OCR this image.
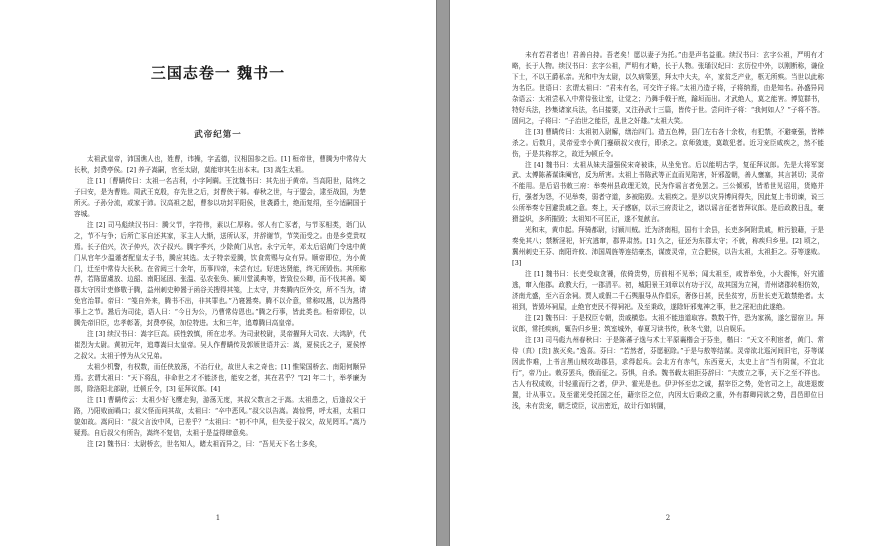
三国志卷一 魏书一
武帝纪第一

太祖武皇帝，沛国谯人也，姓曹，讳操，字孟德，汉相国参之后。[1] 桓帝世，曹腾为中常侍大长秋，封费亭侯。[2] 养子嵩嗣，官至太尉，莫能审其生出本末。[3] 嵩生太祖。

注 [1]〔曹瞒传曰：太祖一名吉利，小字阿瞒。王沈魏书曰：其先出于黄帝。当高阳世，陆终之子曰安，是为曹姓。周武王克殷，存先世之后，封曹侠于邾。春秋之世，与于盟会，逮至战国，为楚所灭。子孙分流，或家于沛。汉高祖之起，曹参以功封平阳侯，世袭爵土，绝而复绍，至今适嗣国于容城。

注 [2] 司马彪续汉书曰：腾父节，字符伟，素以仁厚称。邻人有亡豕者，与节豕相类，诣门认之，节不与争；后所亡豕自还其家，豕主人大惭，送所认豕，并辞谢节，节笑而受之。由是乡党贵叹焉。长子伯兴，次子仲兴，次子叔兴。腾字季兴，少除黄门从官。永宁元年，邓太后诏黄门令选中黄门从官年少温谨者配皇太子书，腾应其选。太子特亲爱腾，饮食赏赐与众有异。顺帝即位，为小黄门，迁至中常侍大长秋。在省闼三十余年，历事四帝，未尝有过。好进达贤能，终无所毁伤。其所称荐，若陈留虞放、边韶、南阳延固、张温、弘农张奂、颍川堂溪典等，皆致位公卿，而不伐其善。蜀郡太守因计吏修敬于腾，益州刺史种暠于函谷关搜得其笺，上太守，并奏腾内臣外交，所不当为，请免官治罪。帝曰：“笺自外来，腾书不出，非其罪也。”乃寝暠奏。腾不以介意，常称叹暠，以为暠得事上之节。暠后为司徒，语人曰：“今日为公，乃曹常侍恩也。”腾之行事，皆此类也。桓帝即位，以腾先帝旧臣，忠孝彰著，封费亭侯，加位特进。太和三年，追尊腾曰高皇帝。

注 [3] 续汉书曰：嵩字巨高。质性敦慎，所在忠孝。为司隶校尉，灵帝擢拜大司农、大鸿胪，代崔烈为太尉。黄初元年，追尊嵩曰太皇帝。吴人作曹瞒传及郭颁世语并云：嵩，夏侯氏之子，夏侯惇之叔父。太祖于惇为从父兄弟。

太祖少机警，有权数，而任侠放荡，不治行业，故世人未之奇也；[1] 惟梁国桥玄、南阳何颙异焉。玄谓太祖曰：“天下将乱，非命世之才不能济也，能安之者，其在君乎？”[2] 年二十，举孝廉为郎，除洛阳北部尉，迁顿丘令，[3] 征拜议郎。[4]

注 [1] 曹瞒传云：太祖少好飞鹰走狗，游荡无度，其叔父数言之于嵩。太祖患之，后逢叔父于路，乃阳败面喎口；叔父怪而问其故，太祖曰：“卒中恶风。”叔父以告嵩。嵩惊愕，呼太祖，太祖口貌如故。嵩问曰：“叔父言汝中风，已差乎？”太祖曰：“初不中风，但失爱于叔父，故见罔耳。”嵩乃疑焉。自后叔父有所告，嵩终不复信，太祖于是益得肆意矣。

注 [2] 魏书曰：太尉桥玄，世名知人，睹太祖而异之，曰：“吾见天下名士多矣，

1

未有若君者也！君善自持。吾老矣！愿以妻子为托。”由是声名益重。续汉书曰：玄字公祖，严明有才略，长于人物。续汉书曰：玄字公祖，严明有才略，长于人物。张璠汉纪曰：玄历位中外，以刚断称，谦俭下士，不以王爵私亲。光和中为太尉，以久病策罢，拜太中大夫，卒，家贫乏产业，柩无所殡。当世以此称为名臣。世语曰：玄谓太祖曰：“君未有名，可交许子将。”太祖乃造子将，子将纳焉，由是知名。孙盛异同杂语云：太祖尝私入中常侍张让室，让觉之；乃舞手戟于庭，踰垣而出。才武绝人，莫之能害。博览群书，特好兵法，抄集诸家兵法，名曰接要，又注孙武十三篇，皆传于世。尝问许子将：“我何如人？”子将不答。固问之，子将曰：“子治世之能臣，乱世之奸雄。”太祖大笑。

注 [3] 曹瞒传曰：太祖初入尉廨，缮治四门。造五色棒，县门左右各十余枚，有犯禁，不避豪强，皆棒杀之。后数月，灵帝爱幸小黄门蹇硕叔父夜行，即杀之。京师敛迹，莫敢犯者。近习宠臣咸疾之，然不能伤，于是共称荐之，故迁为顿丘令。

注 [4] 魏书曰：太祖从妹夫濦强侯宋奇被诛，从坐免官。后以能明古学，复征拜议郎。先是大将军窦武、太傅陈蕃谋诛阉官，反为所害。太祖上书陈武等正直而见陷害，奸邪盈朝，善人壅塞，其言甚切；灵帝不能用。是后诏书敕三府：举奏州县政理无效，民为作谣言者免罢之。三公倾邪，皆希世见诏用，货赂并行，强者为怨，不见举奏，弱者守道，多被陷毁。太祖疾之。是岁以灾异博问得失，因此复上书切谏，说三公所举奏专回避贵戚之意。奏上，天子感寤，以示三府责让之，诸以谣言征者皆拜议郎。是后政教日乱，豪猾益炽，多所摧毁；太祖知不可匡正，遂不复献言。

光和末，黄巾起。拜骑都尉，讨颍川贼。迁为济南相，国有十余县，长吏多阿附贵戚，赃污狼藉，于是奏免其八；禁断淫祀，奸宄逃窜，郡界肃然。[1] 久之，征还为东郡太守；不就，称疾归乡里。[2] 顷之，冀州刺史王芬、南阳许攸、沛国周旌等连结豪杰，谋废灵帝，立合肥侯，以告太祖，太祖拒之。芬等遂败。[3]

注 [1] 魏书曰：长吏受取贪饕，依倚贵势，历前相不见举；闻太祖至，咸皆举免，小大震怖，奸宄遁逃，窜入他郡。政教大行，一郡清平。初，城阳景王刘章以有功于汉，故其国为立祠，青州诸郡转相仿效，济南尤盛，至六百余祠。贾人或假二千石舆服导从作倡乐，奢侈日甚，民坐贫穷，历世长吏无敢禁绝者。太祖到，皆毁坏祠屋，止绝官吏民不得祠祀。及至秉政，遂除奸邪鬼神之事，世之淫祀由此遂绝。

注 [2] 魏书曰：于是权臣专朝，贵戚横恣。太祖不能违道取容。数数干忤，恐为家祸，遂乞留宿卫。拜议郎，常托疾病，辄告归乡里；筑室城外，春夏习读书传，秋冬弋猎，以自娱乐。

注 [3] 司马彪九州春秋曰：于是陈蕃子逸与术士平原襄楷会于芬坐，楷曰：“天文不利宦者，黄门、常侍（真）[贵] 族灭矣。”逸喜。芬曰：“若然者，芬愿驱除。”于是与敖等结谋。灵帝欲北巡河间旧宅，芬等谋因此作难，上书言黑山贼攻劫郡县，求得起兵。会北方有赤气，东西竟天，太史上言“当有阴谋，不宜北行”，帝乃止。敕芬罢兵，俄而征之。芬惧，自杀。魏书载太祖拒芬辞曰：“夫废立之事，天下之至不祥也。古人有权成败，计轻重而行之者，伊尹、霍光是也。伊尹怀至忠之诚，据宰臣之势，处官司之上，故进退废置，计从事立。及至霍光受托国之任，藉宗臣之位，内因太后秉政之重，外有群卿同欲之势，昌邑即位日浅，未有贵宠，朝乏谠臣，议出密近，故计行如转圜，

2
